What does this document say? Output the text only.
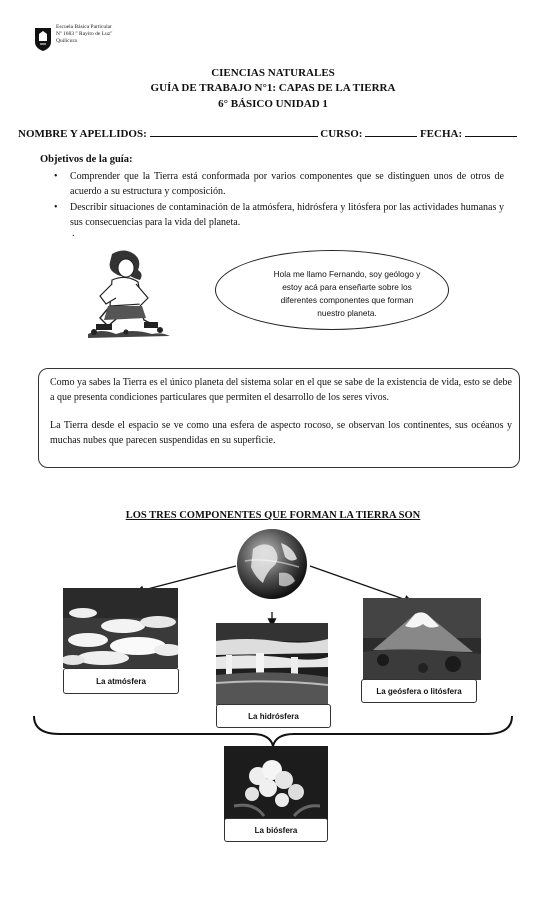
Escuela Básica Particular
Nº 1683 " Rayito de Luz"
Quilicura
CIENCIAS NATURALES
GUÍA DE TRABAJO N°1: CAPAS DE LA TIERRA
6° BÁSICO UNIDAD 1
NOMBRE Y APELLIDOS:	CURSO:	FECHA:
Objetivos de la guía:
• Comprender que la Tierra está conformada por varios componentes que se distinguen unos de otros de acuerdo a su estructura y composición.
• Describir situaciones de contaminación de la atmósfera, hidrósfera y litósfera por las actividades humanas y sus consecuencias para la vida del planeta.
.
Hola me llamo Fernando, soy geólogo y estoy acá para enseñarte sobre los diferentes componentes que forman nuestro planeta.
Como ya sabes la Tierra es el único planeta del sistema solar en el que se sabe de la existencia de vida, esto se debe a que presenta condiciones particulares que permiten el desarrollo de los seres vivos.
La Tierra desde el espacio se ve como una esfera de aspecto rocoso, se observan los continentes, sus océanos y muchas nubes que parecen suspendidas en su superficie.
LOS TRES COMPONENTES QUE FORMAN LA TIERRA SON
La atmósfera
La hidrósfera
La geósfera o litósfera
La biósfera
